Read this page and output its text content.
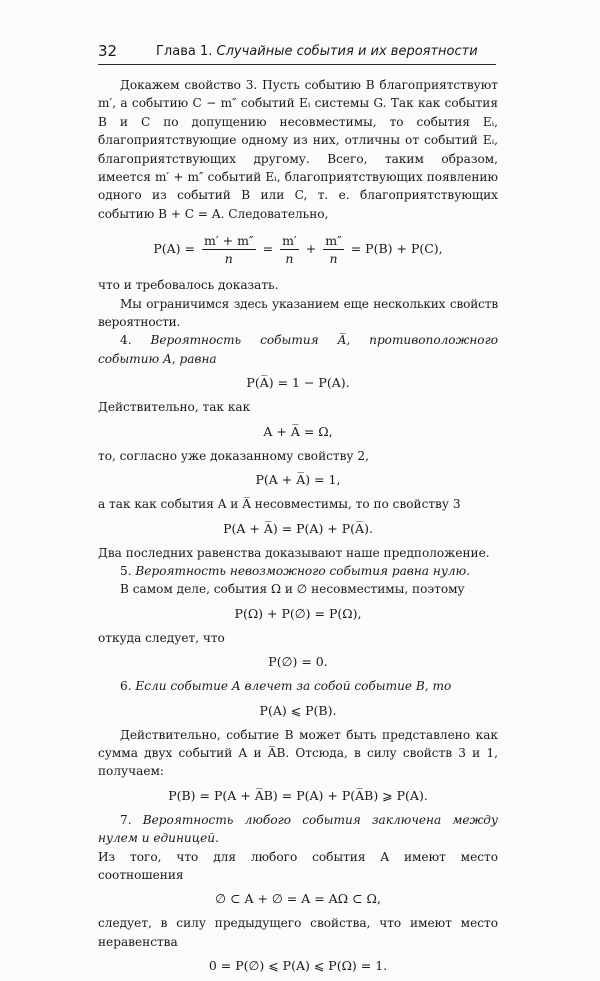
32	Глава 1. Случайные события и их вероятности

Докажем свойство 3. Пусть событию B благоприятствуют m′, а событию C − m″ событий Eᵢ системы G. Так как события B и C по допущению несовместимы, то события Eᵢ, благоприятствующие одному из них, отличны от событий Eᵢ, благоприятствующих другому. Всего, таким образом, имеется m′ + m″ событий Eᵢ, благоприятствующих появлению одного из событий B или C, т. е. благоприятствующих событию B + C = A. Следовательно,

$P(A) = \frac{m' + m''}{n} = \frac{m'}{n} + \frac{m''}{n} = P(B) + P(C)$,

что и требовалось доказать.

Мы ограничимся здесь указанием еще нескольких свойств вероятности.

4. Вероятность события A̅, противоположного событию A, равна

P(A̅) = 1 − P(A).

Действительно, так как

A + A̅ = Ω,

то, согласно уже доказанному свойству 2,

P(A + A̅) = 1,

а так как события A и A̅ несовместимы, то по свойству 3

P(A + A̅) = P(A) + P(A̅).

Два последних равенства доказывают наше предположение.

5. Вероятность невозможного события равна нулю.

В самом деле, события Ω и ∅ несовместимы, поэтому

P(Ω) + P(∅) = P(Ω),

откуда следует, что

P(∅) = 0.

6. Если событие A влечет за собой событие B, то

P(A) ⩽ P(B).

Действительно, событие B может быть представлено как сумма двух событий A и A̅B. Отсюда, в силу свойств 3 и 1, получаем:

P(B) = P(A + A̅B) = P(A) + P(A̅B) ⩾ P(A).

7. Вероятность любого события заключена между нулем и единицей.

Из того, что для любого события A имеют место соотношения

∅ ⊂ A + ∅ = A = AΩ ⊂ Ω,

следует, в силу предыдущего свойства, что имеют место неравенства

0 = P(∅) ⩽ P(A) ⩽ P(Ω) = 1.
